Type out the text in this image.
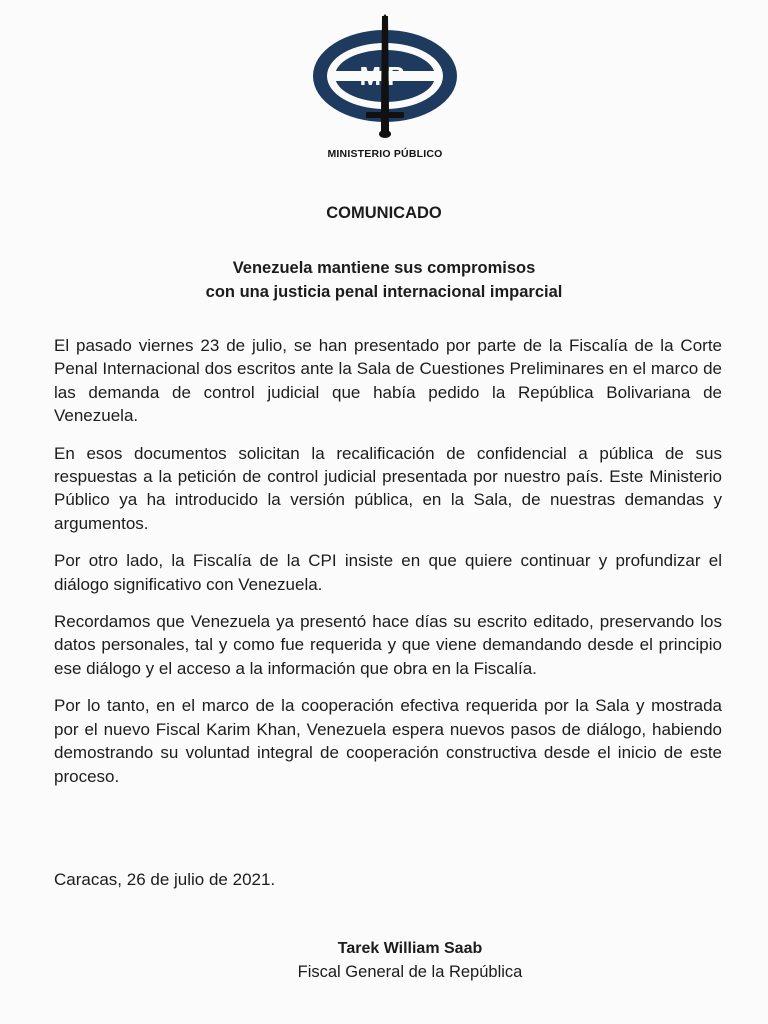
MP
MINISTERIO PÚBLICO
COMUNICADO
Venezuela mantiene sus compromisos
con una justicia penal internacional imparcial

El pasado viernes 23 de julio, se han presentado por parte de la Fiscalía de la Corte Penal Internacional dos escritos ante la Sala de Cuestiones Preliminares en el marco de las demanda de control judicial que había pedido la República Bolivariana de Venezuela.

En esos documentos solicitan la recalificación de confidencial a pública de sus respuestas a la petición de control judicial presentada por nuestro país. Este Ministerio Público ya ha introducido la versión pública, en la Sala, de nuestras demandas y argumentos.

Por otro lado, la Fiscalía de la CPI insiste en que quiere continuar y profundizar el diálogo significativo con Venezuela.

Recordamos que Venezuela ya presentó hace días su escrito editado, preservando los datos personales, tal y como fue requerida y que viene demandando desde el principio ese diálogo y el acceso a la información que obra en la Fiscalía.

Por lo tanto, en el marco de la cooperación efectiva requerida por la Sala y mostrada por el nuevo Fiscal Karim Khan, Venezuela espera nuevos pasos de diálogo, habiendo demostrando su voluntad integral de cooperación constructiva desde el inicio de este proceso.

Caracas, 26 de julio de 2021.
Tarek William Saab
Fiscal General de la República
